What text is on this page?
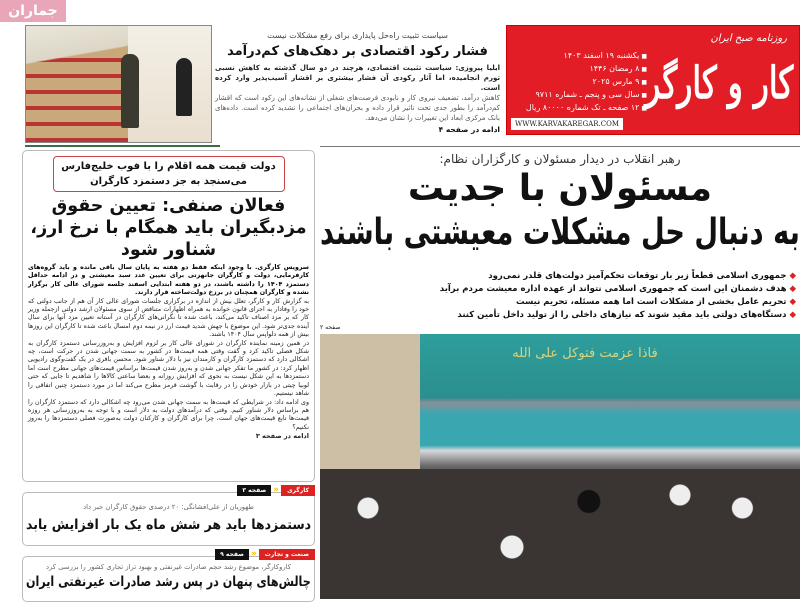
جماران
سیاست تثبیت راه‌حل پایداری برای رفع مشکلات نیست
فشار رکود اقتصادی بر دهک‌های کم‌درآمد

ایلیا پیروزی: سیاست تثبیت اقتصادی، هرچند در دو سال گذشته به کاهش نسبی تورم انجامیده، اما آثار رکودی آن فشار بیشتری بر اقشار آسیب‌پذیر وارد کرده است.

کاهش درآمد، تضعیف نیروی کار و نابودی فرصت‌های شغلی از نشانه‌های این رکود است که اقشار کم‌درآمد را بطور جدی تحت تاثیر قرار داده و بحران‌های اجتماعی را تشدید کرده است. داده‌های بانک مرکزی ابعاد این تغییرات را نشان می‌دهد.

ادامه در صفحه ۴
روزنامه صبح ایران
کار و کارگر
■ یکشنبه ۱۹ اسفند ۱۴۰۳
■ ۸ رمضان ۱۴۴۶
■ ۹ مارس ۲۰۲۵
■ سال سی و پنجم ـ شماره ۹۷۱۱
■ ۱۲ صفحه ـ تک شماره ۸۰۰۰۰ ریال
WWW.KARVAKAREGAR.COM
رهبر انقلاب در دیدار مسئولان و کارگزاران نظام:
مسئولان با جدیت
به دنبال حل مشکلات معیشتی باشند
◆ جمهوری اسلامی قطعاً زیر بار توقعات تحکم‌آمیز دولت‌های قلدر نمی‌رود
◆ هدف دشمنان این است که جمهوری اسلامی نتواند از عهده اداره معیشت مردم برآید
◆ تحریم عامل بخشی از مشکلات است اما همه مسئله، تحریم نیست
◆ دستگاه‌های دولتی باید مقید شوند که نیازهای داخلی را از تولید داخل تأمین کنند
صفحه ۲
فاذا عزمت فتوکل علی الله
دولت قیمت همه اقلام را با فوب خلیج‌فارس می‌سنجد به جز دستمزد کارگران
فعالان صنفی: تعیین حقوق مزدبگیران باید همگام با نرخ ارز، شناور شود
سرویس کارگری. با وجود اینکه فقط دو هفته به پایان سال باقی مانده و باید گروه‌های کارفرمایی، دولت و کارگران جانهزتی برای تعیین عدد سبد معیشتی و در ادامه حداقل دستمزد ۱۴۰۴ را داشته باشند، در دو هفته ابتدایی اسفند جلسه شورای عالی کار برگزار نشده و کارگران همچنان در برزخ دولت‌ساخته قرار دارند.
به گزارش کار و کارگر، تعلل بیش از اندازه در برگزاری جلسات شورای عالی کار آن هم از جانب دولتی که خود را وفادار به اجرای قانون خوانده به همراه اظهارات متناقض از سوی مسئولان ارشد دولتی ازجمله وزیر کار که بر مزد اصناف تاکید می‌کند، باعث شده تا نگرانی‌های کارگران در آستانه تعیین مزد آنها برای سال آینده جدی‌تر شود. این موضوع با جهش شدید قیمت ارز در نیمه دوم امسال باعث شده تا کارگران این روزها بیش از همه دلواپس سال ۱۴۰۴ باشند.
در همین زمینه نماینده کارگران در شورای عالی کار بر لزوم افزایش و به‌روزرسانی دستمزد کارگران به شکل فصلی تاکید کرد و گفت وقتی همه قیمت‌ها در کشور به سمت جهانی شدن در حرکت است، چه اشکالی دارد که دستمزد کارگران و کارمندان نیز با دلار شناور شود. محسن باقری در یک گفت‌وگوی رادیویی اظهار کرد: در کشور ما تفکر جهانی شدن و به‌روز شدن قیمت‌ها براساس قیمت‌های جهانی مطرح است اما دستمزدها به این شکل نیست به نحوی که افزایش روزانه و بعضا ساعتی کالاها را شاهدیم تا جایی که حتی لوبیا چیتی در بازار خودش را در رقابت با گوشت قرمز مطرح می‌کند اما در مورد دستمزد چنین اتفاقی را شاهد نیستیم.
وی ادامه داد: در شرایطی که قیمت‌ها به سمت جهانی شدن می‌رود چه اشکالی دارد که دستمزد کارگران را هم براساس دلار شناور کنیم. وقتی که درآمدهای دولت به دلار است و با توجه به به‌روزرسانی هر روزه قیمت‌ها تابع قیمت‌های جهان است، چرا برای کارگران و کارکنان دولت به‌صورت فصلی دستمزدها را به‌روز نکنیم؟
ادامه در صفحه ۳
کارگری
«
صفحه ۳
طهوریان از علی‌افشانگی: ۲۰ درصدی حقوق کارگران خبر داد
دستمزدها باید هر شش ماه یک بار افزایش یابد
صنعت و تجارت
«
صفحه ۹
کاروکارگر، موضوع رشد حجم صادرات غیرنفتی و بهبود تراز تجاری کشور را بررسی کرد
چالش‌های پنهان در پس رشد صادرات غیرنفتی ایران
